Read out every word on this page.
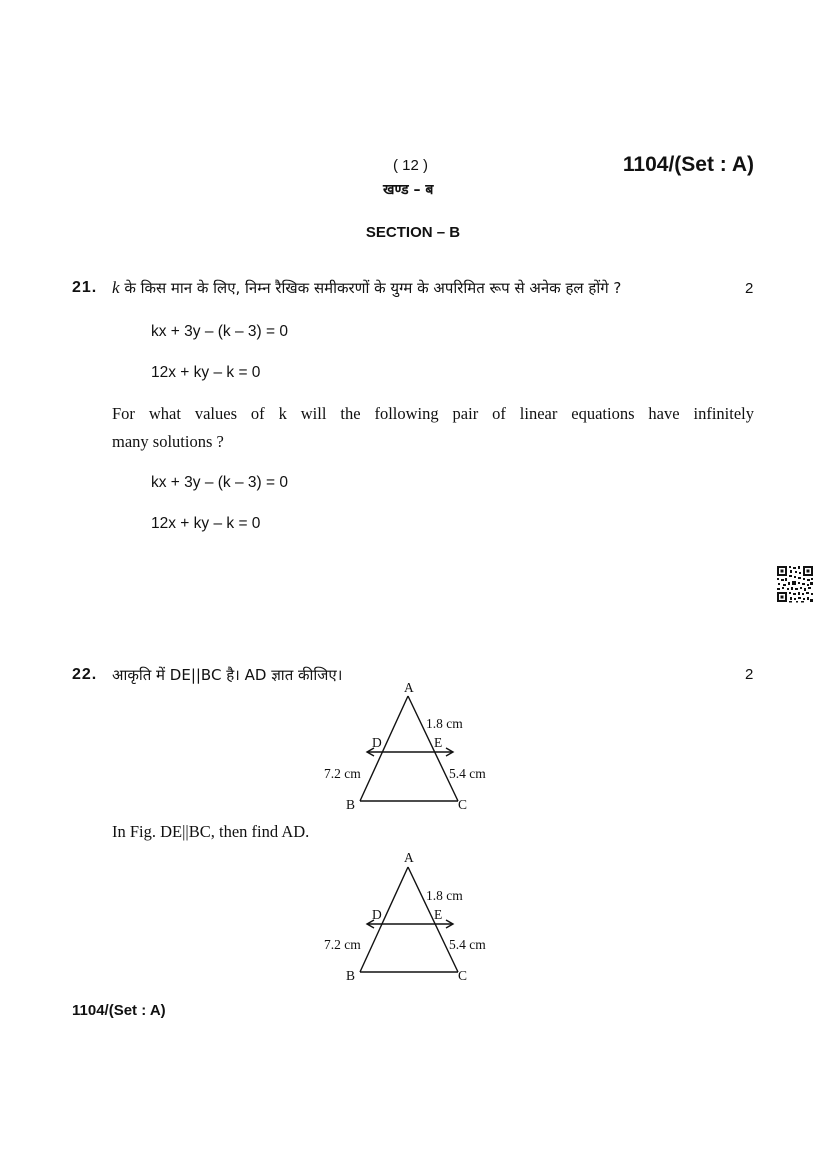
( 12 )	1104/(Set : A)
खण्ड – ब
SECTION – B
21.	2
k के किस मान के लिए, निम्न रैखिक समीकरणों के युग्म के अपरिमित रूप से अनेक हल होंगे ?
kx + 3y – (k – 3) = 0
12x + ky – k = 0
For what values of k will the following pair of linear equations have infinitely
many solutions ?
kx + 3y – (k – 3) = 0
12x + ky – k = 0
22.	2
आकृति में DE||BC है। AD ज्ञात कीजिए।
A
B	C
D	E
1.8 cm
7.2 cm	5.4 cm
In Fig. DE||BC, then find AD.
A
B	C
D	E
1.8 cm
7.2 cm	5.4 cm
1104/(Set : A)
